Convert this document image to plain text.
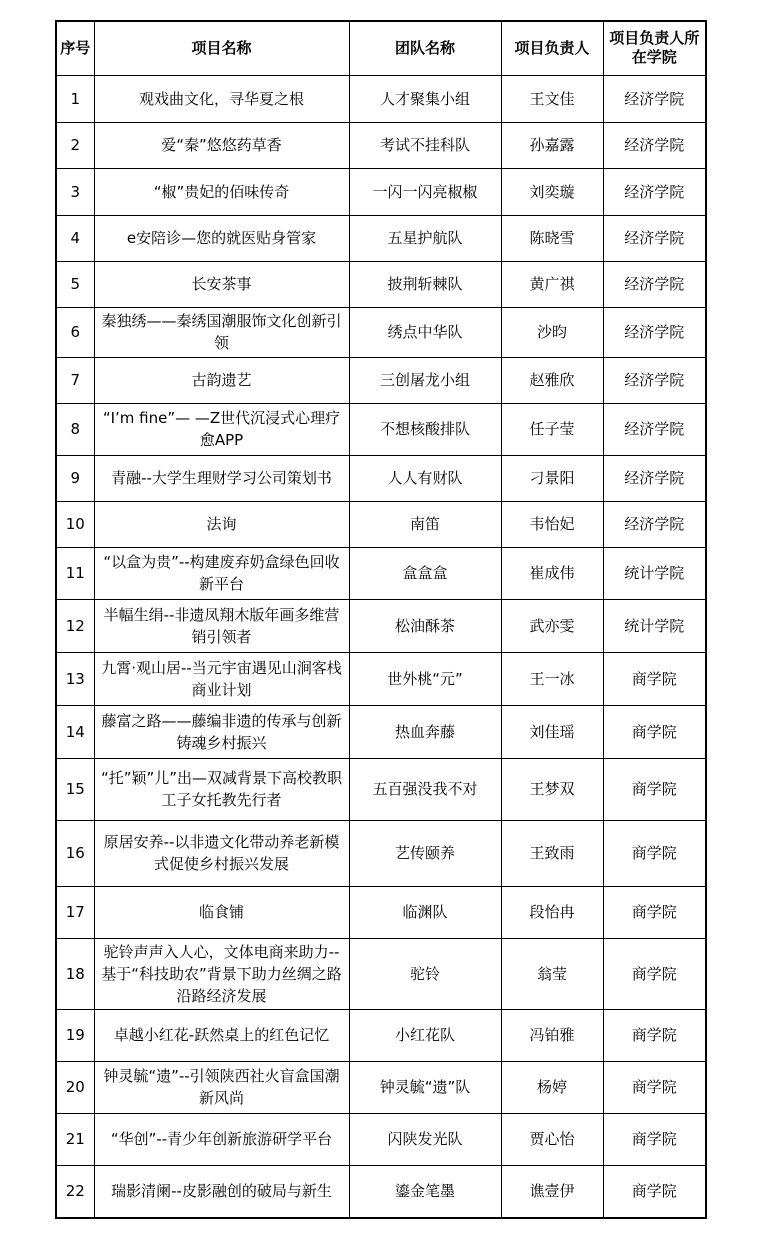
序号	项目名称	团队名称	项目负责人	项目负责人所在学院
1	观戏曲文化，寻华夏之根	人才聚集小组	王文佳	经济学院
2	爱“秦”悠悠药草香	考试不挂科队	孙嘉露	经济学院
3	“椒”贵妃的佰味传奇	一闪一闪亮椒椒	刘奕璇	经济学院
4	e安陪诊—您的就医贴身管家	五星护航队	陈晓雪	经济学院
5	长安茶事	披荆斩棘队	黄广祺	经济学院
6	秦独绣——秦绣国潮服饰文化创新引领	绣点中华队	沙昀	经济学院
7	古韵遗艺	三创屠龙小组	赵雅欣	经济学院
8	“I’m fine”— —Z世代沉浸式心理疗愈APP	不想核酸排队	任子莹	经济学院
9	青融--大学生理财学习公司策划书	人人有财队	刁景阳	经济学院
10	法询	南笛	韦怡妃	经济学院
11	“以盒为贵”--构建废弃奶盒绿色回收新平台	盒盒盒	崔成伟	统计学院
12	半幅生绢--非遗凤翔木版年画多维营销引领者	松油酥茶	武亦雯	统计学院
13	九霄·观山居--当元宇宙遇见山涧客栈商业计划	世外桃“元”	王一冰	商学院
14	藤富之路——藤编非遗的传承与创新铸魂乡村振兴	热血奔藤	刘佳瑶	商学院
15	“托”颖”儿”出—双减背景下高校教职工子女托教先行者	五百强没我不对	王梦双	商学院
16	原居安养--以非遗文化带动养老新模式促使乡村振兴发展	艺传颐养	王致雨	商学院
17	临食铺	临渊队	段怡冉	商学院
18	驼铃声声入人心，文体电商来助力--基于“科技助农”背景下助力丝绸之路沿路经济发展	驼铃	翁莹	商学院
19	卓越小红花-跃然桌上的红色记忆	小红花队	冯铂雅	商学院
20	钟灵毓“遗”--引领陕西社火盲盒国潮新风尚	钟灵毓“遗”队	杨婷	商学院
21	“华创”--青少年创新旅游研学平台	闪陕发光队	贾心怡	商学院
22	瑞影清阑--皮影融创的破局与新生	鎏金笔墨	谯壹伊	商学院
